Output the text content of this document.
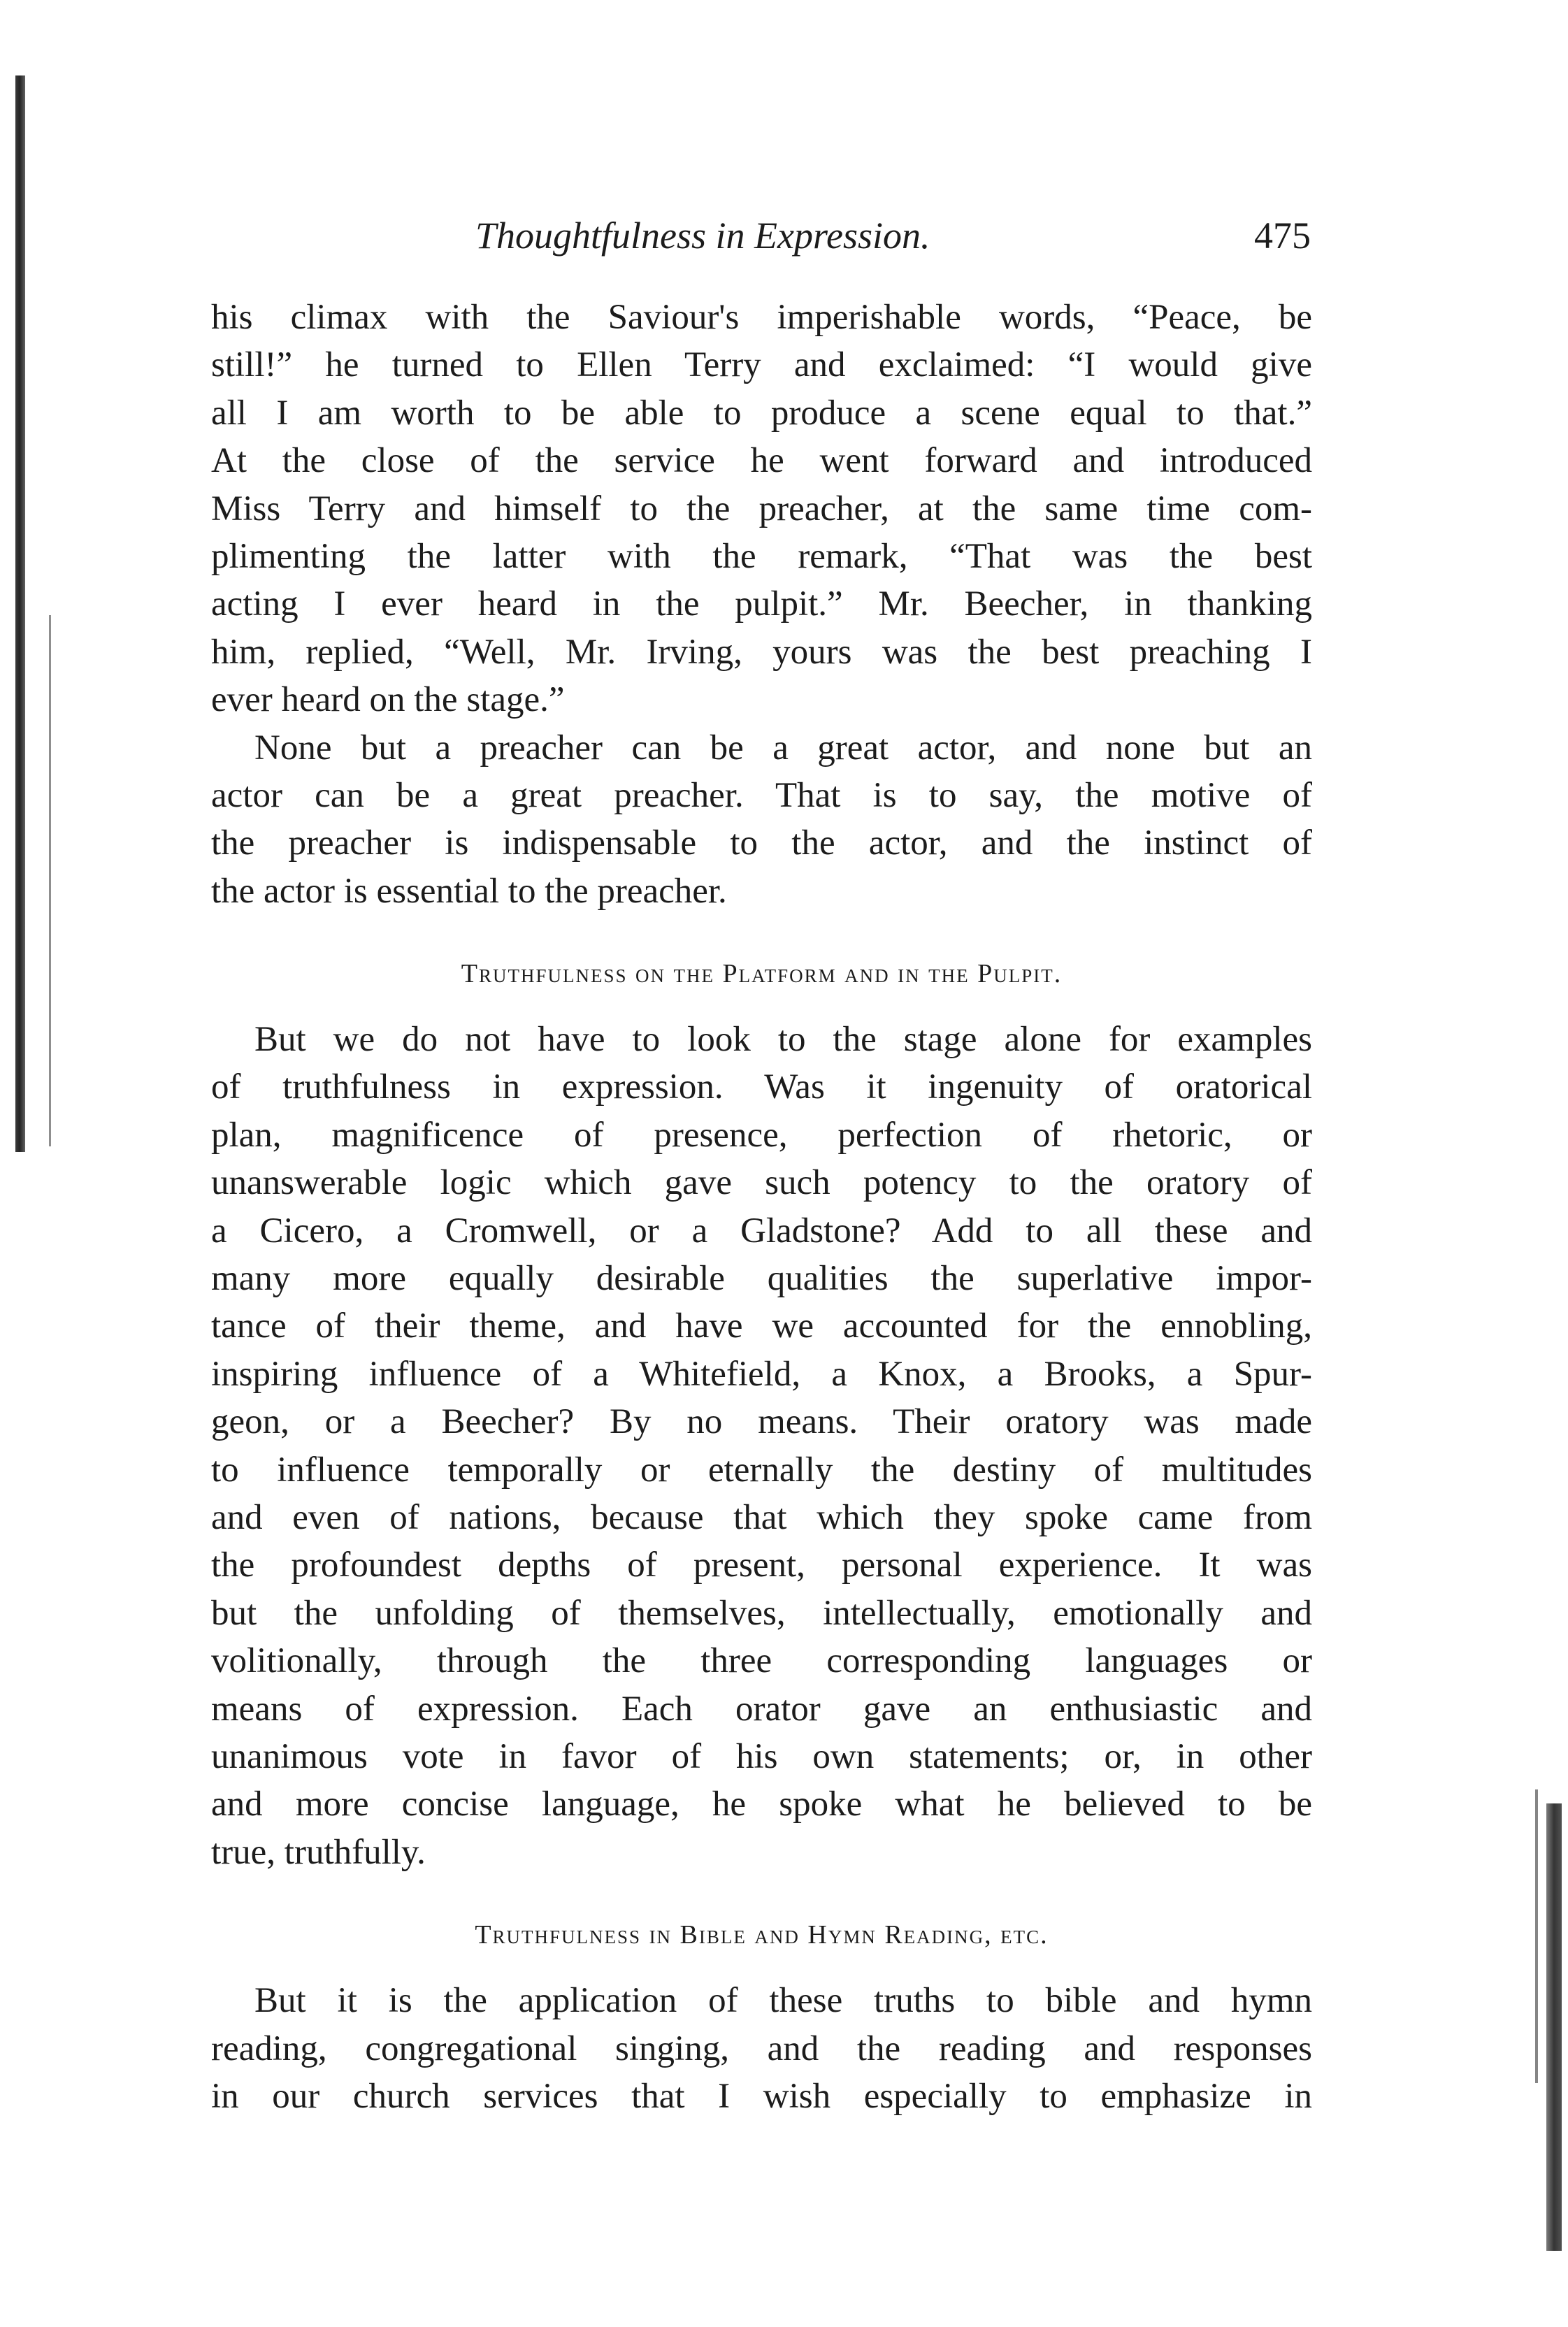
Thoughtfulness in Expression.	475
his climax with the Saviour's imperishable words, “Peace, be
still!” he turned to Ellen Terry and exclaimed: “I would give
all I am worth to be able to produce a scene equal to that.”
At the close of the service he went forward and introduced
Miss Terry and himself to the preacher, at the same time com-
plimenting the latter with the remark, “That was the best
acting I ever heard in the pulpit.” Mr. Beecher, in thanking
him, replied, “Well, Mr. Irving, yours was the best preaching I
ever heard on the stage.”
None but a preacher can be a great actor, and none but an
actor can be a great preacher. That is to say, the motive of
the preacher is indispensable to the actor, and the instinct of
the actor is essential to the preacher.
Truthfulness on the Platform and in the Pulpit.
But we do not have to look to the stage alone for examples
of truthfulness in expression. Was it ingenuity of oratorical
plan, magnificence of presence, perfection of rhetoric, or
unanswerable logic which gave such potency to the oratory of
a Cicero, a Cromwell, or a Gladstone? Add to all these and
many more equally desirable qualities the superlative impor-
tance of their theme, and have we accounted for the ennobling,
inspiring influence of a Whitefield, a Knox, a Brooks, a Spur-
geon, or a Beecher? By no means. Their oratory was made
to influence temporally or eternally the destiny of multitudes
and even of nations, because that which they spoke came from
the profoundest depths of present, personal experience. It was
but the unfolding of themselves, intellectually, emotionally and
volitionally, through the three corresponding languages or
means of expression. Each orator gave an enthusiastic and
unanimous vote in favor of his own statements; or, in other
and more concise language, he spoke what he believed to be
true, truthfully.
Truthfulness in Bible and Hymn Reading, etc.
But it is the application of these truths to bible and hymn
reading, congregational singing, and the reading and responses
in our church services that I wish especially to emphasize in
